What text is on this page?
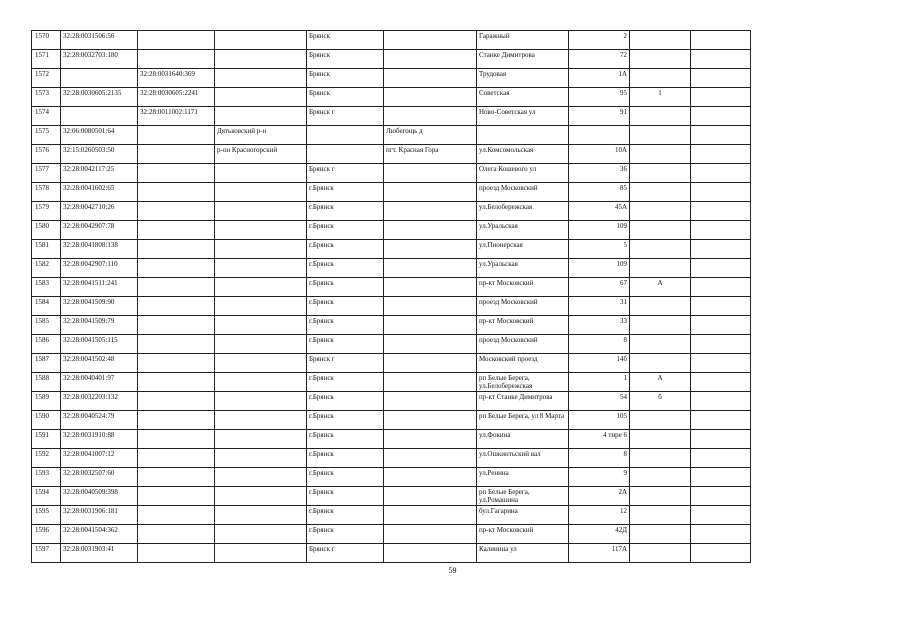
1570	32:28:0031506:56			Брянск		Гаражный	2		
1571	32:28:0032703:180			Брянск		Станке Димитрова	72		
1572		32:28:0031640:369		Брянск		Трудовая	1А		
1573	32:28:0030605:2135	32:28:0030605:2241		Брянск		Советская	95	1	
1574		32:28:0011002:1171		Брянск г		Ново-Советская ул	91		
1575	32:06:0080501:64		Дятьковский р-н		Любегощь д				
1576	32:15:0260503:50		р-он Красногорский		пгт. Красная Гора	ул.Комсомольская	10А		
1577	32:28:0042117:25			Брянск г		Олега Кошевого ул	36		
1578	32:28:0041602:65			г.Брянск		проезд Московский	85		
1579	32:28:0042710:26			г.Брянск		ул.Белобережская	45А		
1580	32:28:0042907:78			г.Брянск		ул.Уральская	109		
1581	32:28:0041808:138			г.Брянск		ул.Пионерская	5		
1582	32:28:0042907:110			г.Брянск		ул.Уральская	109		
1583	32:28:0041511:241			г.Брянск		пр-кт Московский	67	А	
1584	32:28:0041509:90			г.Брянск		проезд Московский	31		
1585	32:28:0041509:79			г.Брянск		пр-кт Московский	33		
1586	32:28:0041505:115			г.Брянск		проезд Московский	8		
1587	32:28:0041502:48			Брянск г		Московский проезд	14б		
1588	32:28:0040401:97			г.Брянск		рп Белые Берега, ул.Белобережская	1	А	
1589	32:28:0032203:132			г.Брянск		пр-кт Станке Димитрова	54	б	
1590	32:28:0040524:79			г.Брянск		рп Белые Берега, ул 8 Марта	105		
1591	32:28:0031910:88			г.Брянск		ул.Фокина	4 тире 6		
1592	32:28:0041007:12			г.Брянск		ул.Ошкинтьский вал	8		
1593	32:28:0032507:60			г.Брянск		ул.Ренина	9		
1594	32:28:0040509:398			г.Брянск		рп Белые Берега, ул.Ромашина	2А		
1595	32:28:0031906:181			г.Брянск		бул.Гагарина	12		
1596	32:28:0041504:362			г.Брянск		пр-кт Московский	42Д		
1597	32:28:0031903:41			Брянск г		Калинина ул	117А		
59
